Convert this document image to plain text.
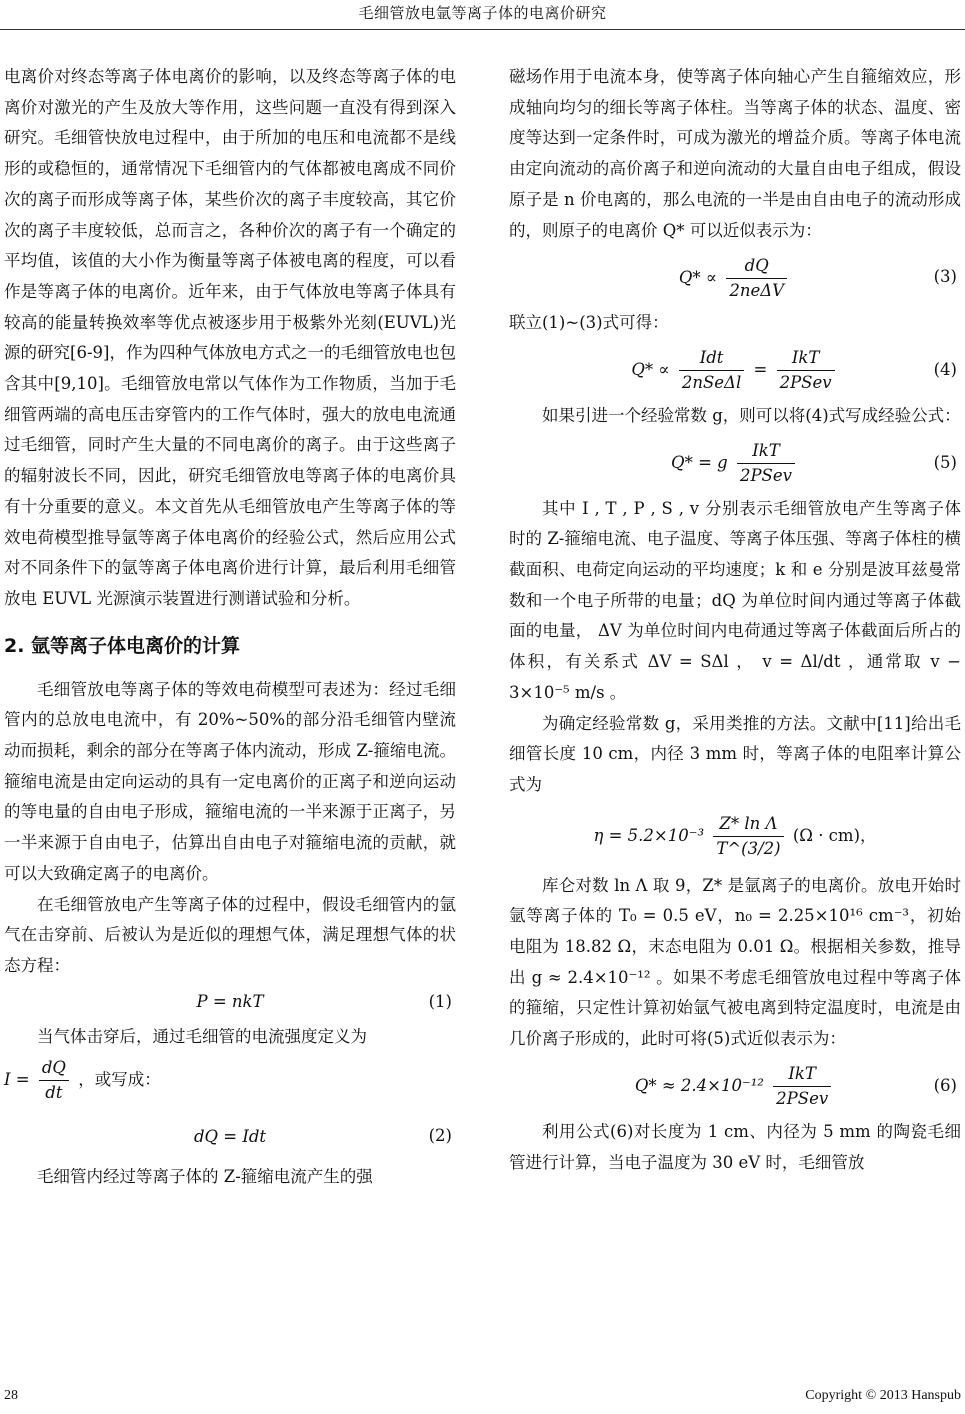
毛细管放电氩等离子体的电离价研究

电离价对终态等离子体电离价的影响，以及终态等离子体的电离价对激光的产生及放大等作用，这些问题一直没有得到深入研究。毛细管快放电过程中，由于所加的电压和电流都不是线形的或稳恒的，通常情况下毛细管内的气体都被电离成不同价次的离子而形成等离子体，某些价次的离子丰度较高，其它价次的离子丰度较低，总而言之，各种价次的离子有一个确定的平均值，该值的大小作为衡量等离子体被电离的程度，可以看作是等离子体的电离价。近年来，由于气体放电等离子体具有较高的能量转换效率等优点被逐步用于极紫外光刻(EUVL)光源的研究[6-9]，作为四种气体放电方式之一的毛细管放电也包含其中[9,10]。毛细管放电常以气体作为工作物质，当加于毛细管两端的高电压击穿管内的工作气体时，强大的放电电流通过毛细管，同时产生大量的不同电离价的离子。由于这些离子的辐射波长不同，因此，研究毛细管放电等离子体的电离价具有十分重要的意义。本文首先从毛细管放电产生等离子体的等效电荷模型推导氩等离子体电离价的经验公式，然后应用公式对不同条件下的氩等离子体电离价进行计算，最后利用毛细管放电 EUVL 光源演示装置进行测谱试验和分析。

2. 氩等离子体电离价的计算

毛细管放电等离子体的等效电荷模型可表述为：经过毛细管内的总放电电流中，有 20%~50%的部分沿毛细管内壁流动而损耗，剩余的部分在等离子体内流动，形成 Z-箍缩电流。箍缩电流是由定向运动的具有一定电离价的正离子和逆向运动的等电量的自由电子形成，箍缩电流的一半来源于正离子，另一半来源于自由电子，估算出自由电子对箍缩电流的贡献，就可以大致确定离子的电离价。

在毛细管放电产生等离子体的过程中，假设毛细管内的氩气在击穿前、后被认为是近似的理想气体，满足理想气体的状态方程：

P = nkT	(1)

当气体击穿后，通过毛细管的电流强度定义为

$I = \frac{dQ}{dt}$ ，或写成：
dQ = Idt	(2)

毛细管内经过等离子体的 Z-箍缩电流产生的强

磁场作用于电流本身，使等离子体向轴心产生自箍缩效应，形成轴向均匀的细长等离子体柱。当等离子体的状态、温度、密度等达到一定条件时，可成为激光的增益介质。等离子体电流由定向流动的高价离子和逆向流动的大量自由电子组成，假设原子是 n 价电离的，那么电流的一半是由自由电子的流动形成的，则原子的电离价 Q* 可以近似表示为：

$Q* \propto \frac{dQ}{\text{2neΔV}}$	(3)

联立(1)~(3)式可得：

$Q* \propto \frac{\text{Idt}}{\text{2nSeΔl}} = \frac{\text{IkT}}{\text{2PSev}}$	(4)

如果引进一个经验常数 g，则可以将(4)式写成经验公式：

Q* = g $\frac{\text{IkT}}{\text{2PSev}}$	(5)

其中 I , T , P , S , v 分别表示毛细管放电产生等离子体时的 Z-箍缩电流、电子温度、等离子体压强、等离子体柱的横截面积、电荷定向运动的平均速度；k 和 e 分别是波耳兹曼常数和一个电子所带的电量；dQ 为单位时间内通过等离子体截面的电量， ΔV 为单位时间内电荷通过等离子体截面后所占的体积，有关系式 ΔV = SΔl ， v = Δl/dt ，通常取 v − 3×10⁻⁵ m/s 。

为确定经验常数 g，采用类推的方法。文献中[11]给出毛细管长度 10 cm，内径 3 mm 时，等离子体的电阻率计算公式为

$\eta = 5.2\times 10^{-3} \frac{\text{Z* ln Λ}}{T\^{}(3/2)} (\Omega \cdot cm)$，

库仑对数 ln Λ 取 9，Z* 是氩离子的电离价。放电开始时氩等离子体的 T₀ = 0.5 eV，n₀ = 2.25×10¹⁶ cm⁻³，初始电阻为 18.82 Ω，末态电阻为 0.01 Ω。根据相关参数，推导出 g ≈ 2.4×10⁻¹² 。如果不考虑毛细管放电过程中等离子体的箍缩，只定性计算初始氩气被电离到特定温度时，电流是由几价离子形成的，此时可将(5)式近似表示为：

$Q* \approx 2.4\times 10^{-12} \frac{\text{IkT}}{\text{2PSev}}$	(6)

利用公式(6)对长度为 1 cm、内径为 5 mm 的陶瓷毛细管进行计算，当电子温度为 30 eV 时，毛细管放

28	Copyright © 2013 Hanspub
